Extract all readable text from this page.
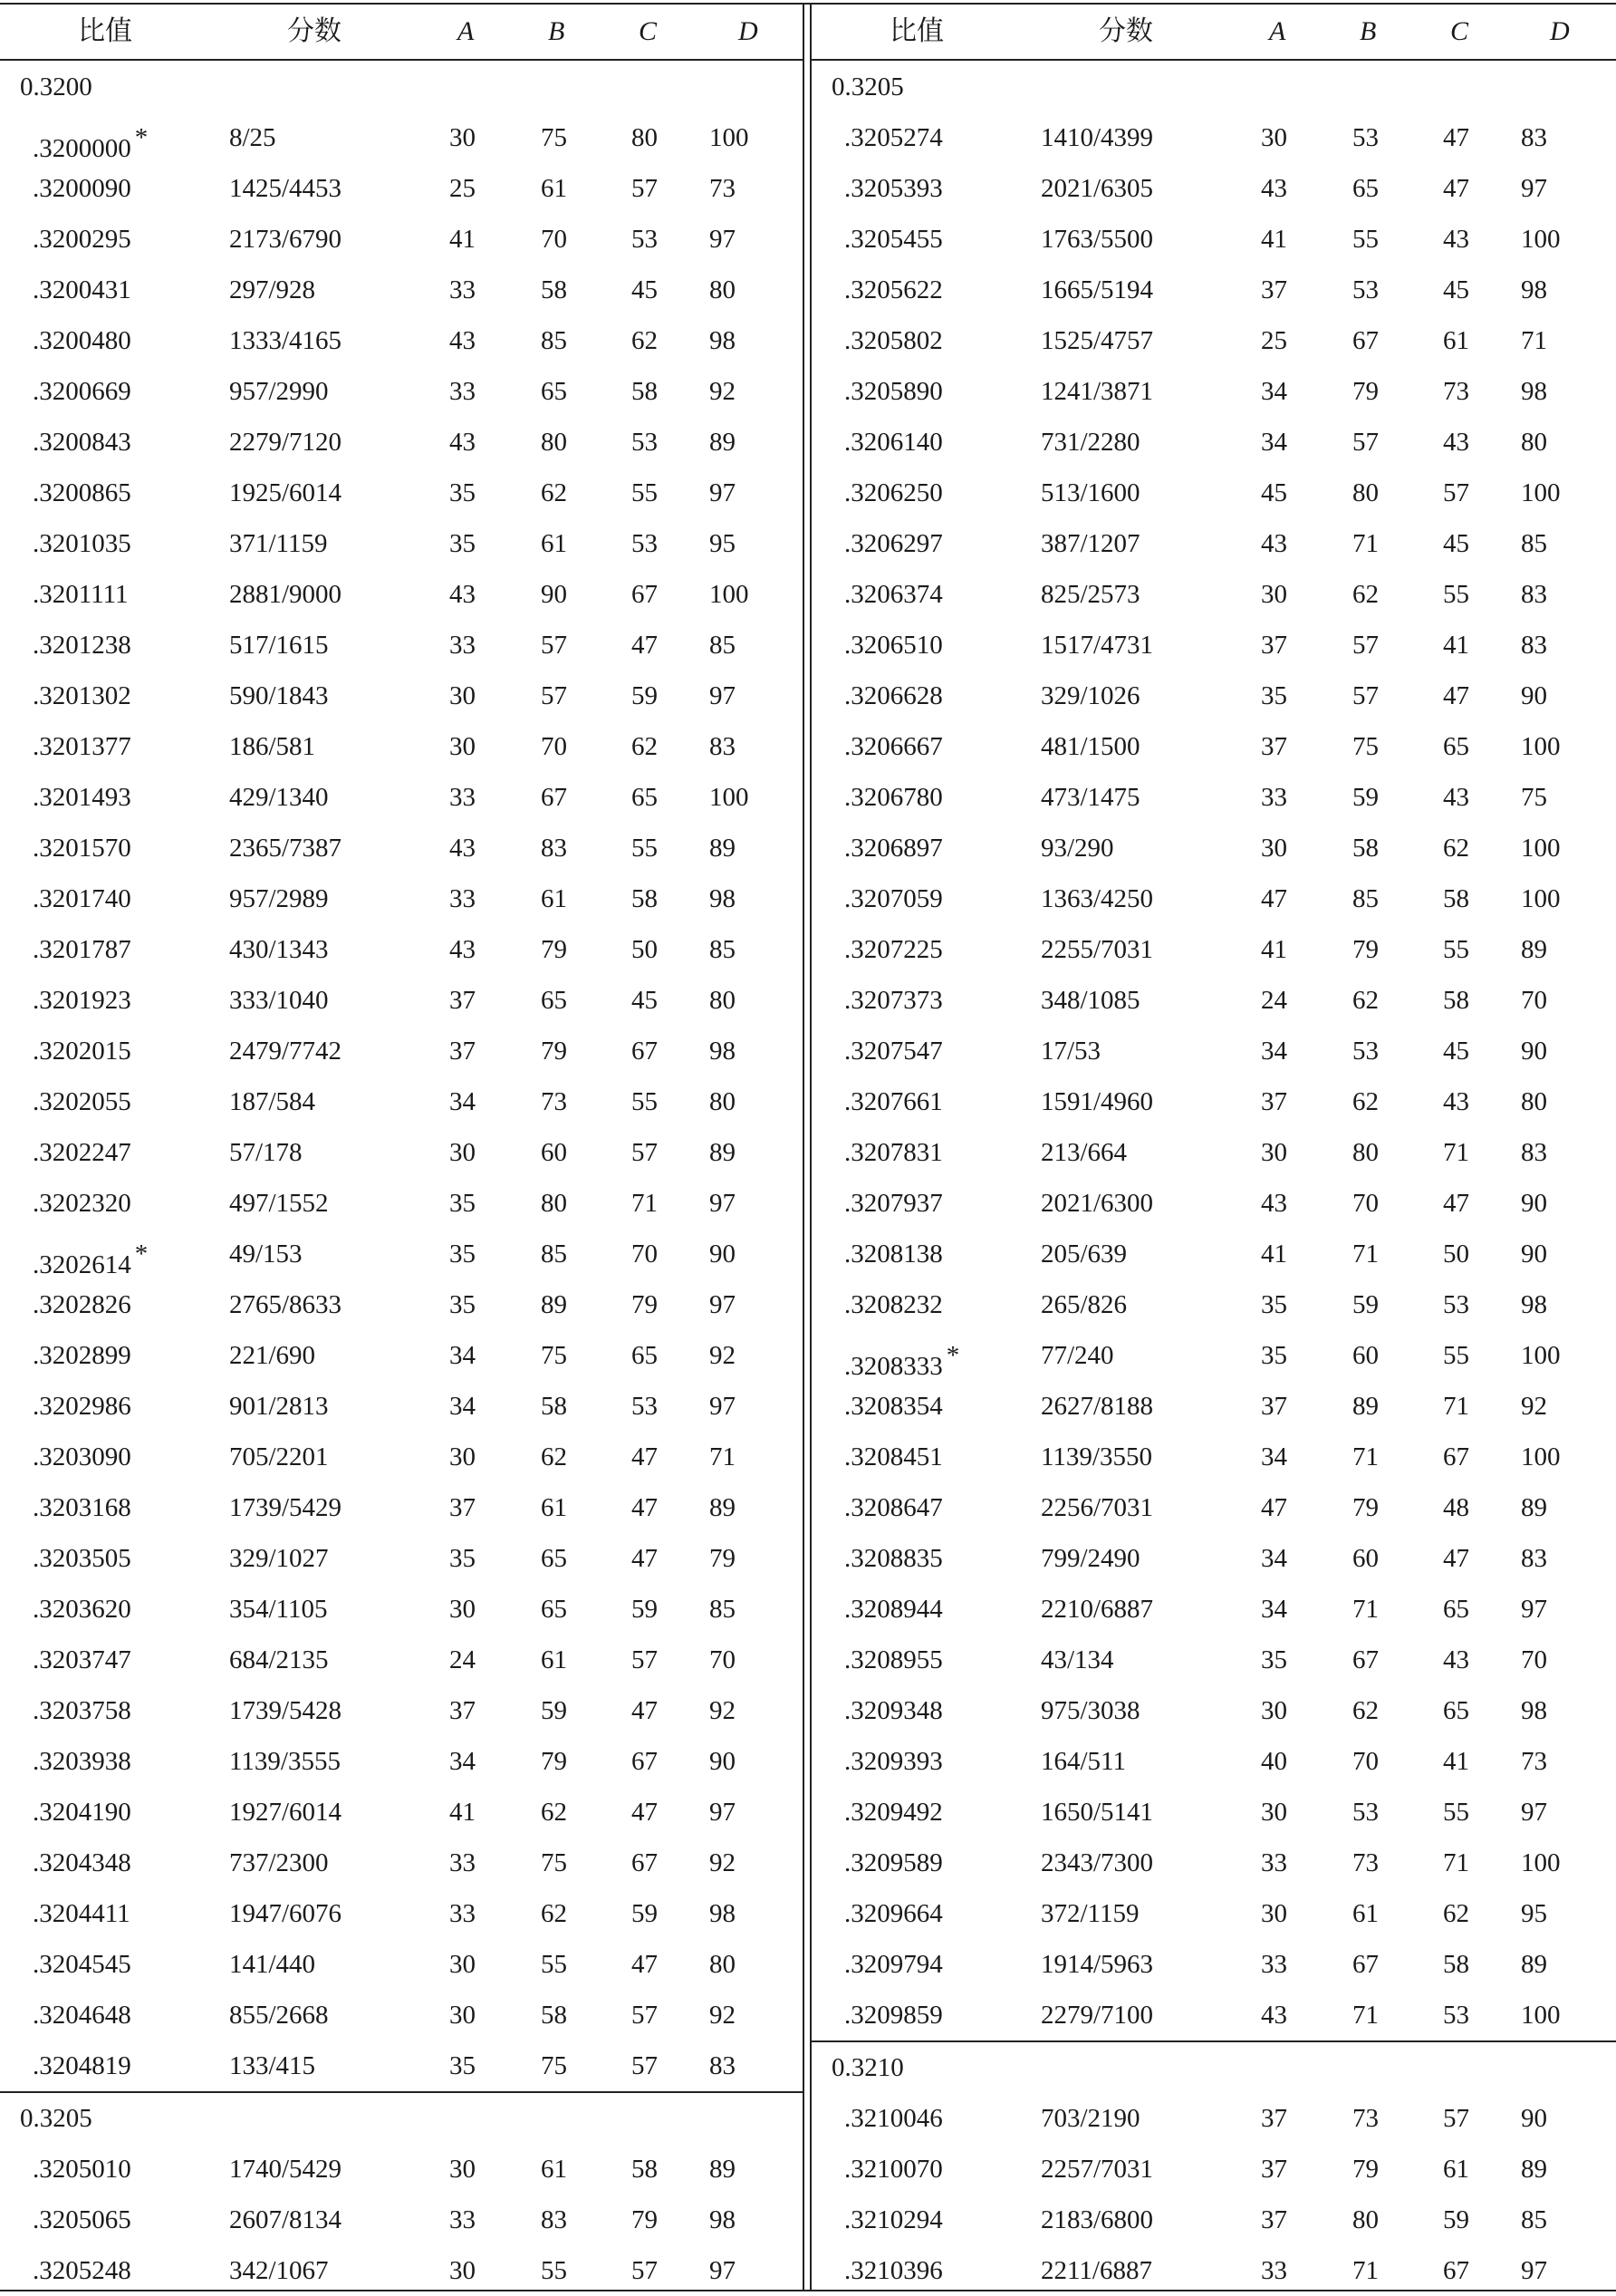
比值	分数	A	B	C	D
0.3200
.3200000 *	8/25	30 75 80 100
.3200090	1425/4453	25 61 57 73
.3200295	2173/6790	41 70 53 97
.3200431	297/928	33 58 45 80
.3200480	1333/4165	43 85 62 98
.3200669	957/2990	33 65 58 92
.3200843	2279/7120	43 80 53 89
.3200865	1925/6014	35 62 55 97
.3201035	371/1159	35 61 53 95
.3201111	2881/9000	43 90 67 100
.3201238	517/1615	33 57 47 85
.3201302	590/1843	30 57 59 97
.3201377	186/581	30 70 62 83
.3201493	429/1340	33 67 65 100
.3201570	2365/7387	43 83 55 89
.3201740	957/2989	33 61 58 98
.3201787	430/1343	43 79 50 85
.3201923	333/1040	37 65 45 80
.3202015	2479/7742	37 79 67 98
.3202055	187/584	34 73 55 80
.3202247	57/178	30 60 57 89
.3202320	497/1552	35 80 71 97
.3202614 *	49/153	35 85 70 90
.3202826	2765/8633	35 89 79 97
.3202899	221/690	34 75 65 92
.3202986	901/2813	34 58 53 97
.3203090	705/2201	30 62 47 71
.3203168	1739/5429	37 61 47 89
.3203505	329/1027	35 65 47 79
.3203620	354/1105	30 65 59 85
.3203747	684/2135	24 61 57 70
.3203758	1739/5428	37 59 47 92
.3203938	1139/3555	34 79 67 90
.3204190	1927/6014	41 62 47 97
.3204348	737/2300	33 75 67 92
.3204411	1947/6076	33 62 59 98
.3204545	141/440	30 55 47 80
.3204648	855/2668	30 58 57 92
.3204819	133/415	35 75 57 83
0.3205
.3205010	1740/5429	30 61 58 89
.3205065	2607/8134	33 83 79 98
.3205248	342/1067	30 55 57 97
比值	分数	A	B	C	D
0.3205
.3205274	1410/4399	30 53 47 83
.3205393	2021/6305	43 65 47 97
.3205455	1763/5500	41 55 43 100
.3205622	1665/5194	37 53 45 98
.3205802	1525/4757	25 67 61 71
.3205890	1241/3871	34 79 73 98
.3206140	731/2280	34 57 43 80
.3206250	513/1600	45 80 57 100
.3206297	387/1207	43 71 45 85
.3206374	825/2573	30 62 55 83
.3206510	1517/4731	37 57 41 83
.3206628	329/1026	35 57 47 90
.3206667	481/1500	37 75 65 100
.3206780	473/1475	33 59 43 75
.3206897	93/290	30 58 62 100
.3207059	1363/4250	47 85 58 100
.3207225	2255/7031	41 79 55 89
.3207373	348/1085	24 62 58 70
.3207547	17/53	34 53 45 90
.3207661	1591/4960	37 62 43 80
.3207831	213/664	30 80 71 83
.3207937	2021/6300	43 70 47 90
.3208138	205/639	41 71 50 90
.3208232	265/826	35 59 53 98
.3208333 *	77/240	35 60 55 100
.3208354	2627/8188	37 89 71 92
.3208451	1139/3550	34 71 67 100
.3208647	2256/7031	47 79 48 89
.3208835	799/2490	34 60 47 83
.3208944	2210/6887	34 71 65 97
.3208955	43/134	35 67 43 70
.3209348	975/3038	30 62 65 98
.3209393	164/511	40 70 41 73
.3209492	1650/5141	30 53 55 97
.3209589	2343/7300	33 73 71 100
.3209664	372/1159	30 61 62 95
.3209794	1914/5963	33 67 58 89
.3209859	2279/7100	43 71 53 100
0.3210
.3210046	703/2190	37 73 57 90
.3210070	2257/7031	37 79 61 89
.3210294	2183/6800	37 80 59 85
.3210396	2211/6887	33 71 67 97
